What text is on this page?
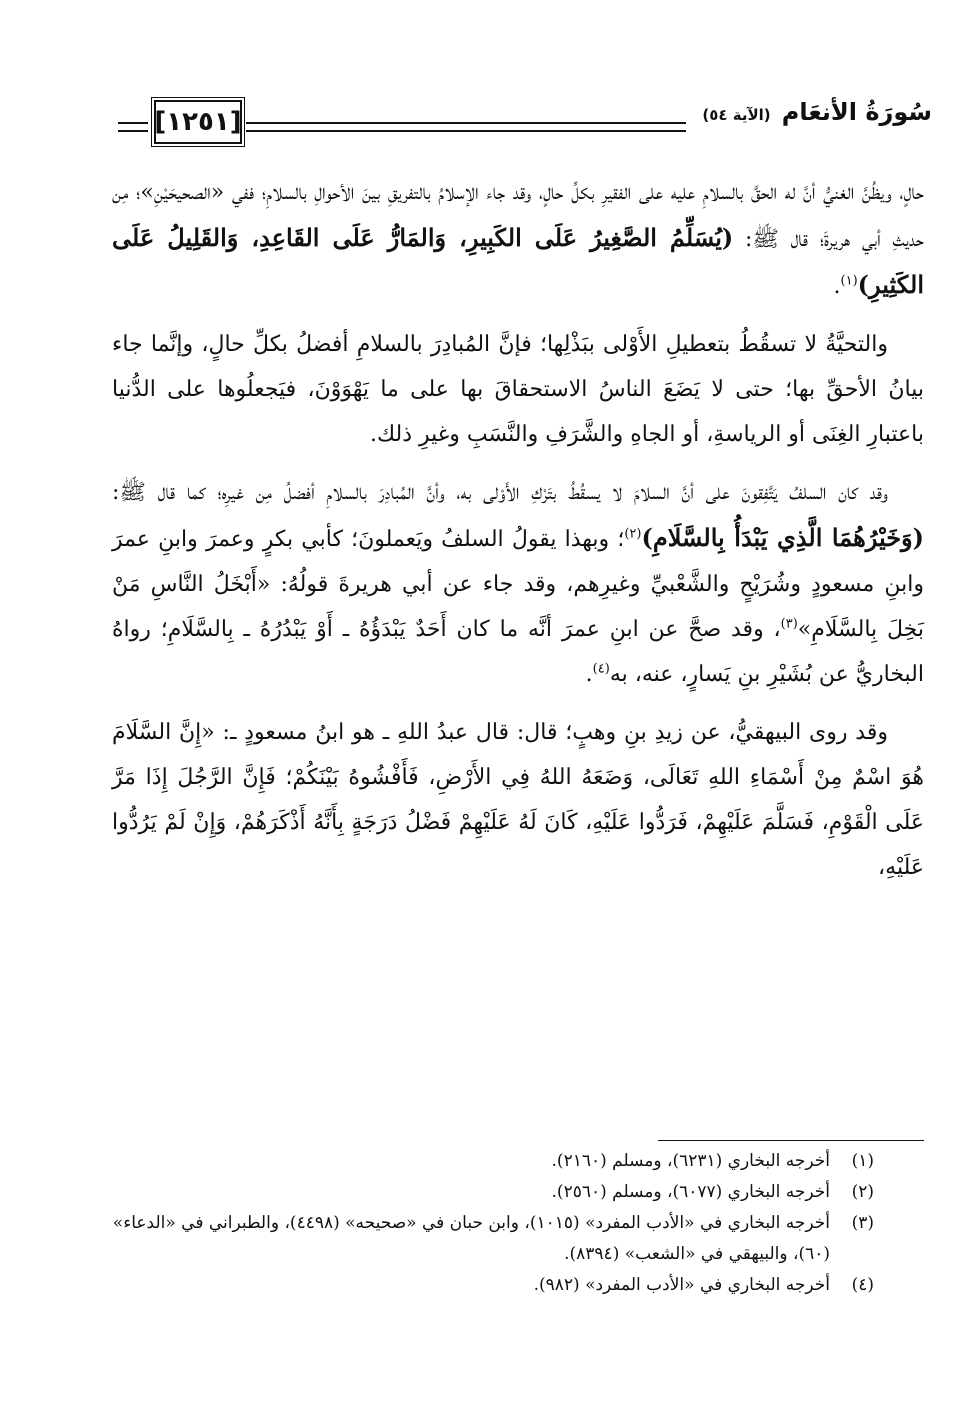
[١٢٥١]	سُورَةُ الأنعَام (الآية ٥٤)

حالٍ، ويظُنَّ الغنيُّ أنَّ له الحقَّ بالسلامِ عليه على الفقيرِ بكلِّ حالٍ، وقد جاء الإسلامُ بالتفريقِ بينَ الأحوالِ بالسلامِ؛ ففي «الصحيحَيْنِ»؛ مِن حديثِ أبي هريرةَ؛ قال ﷺ: (يُسَلِّمُ الصَّغِيرُ عَلَى الكَبِيرِ، وَالمَارُّ عَلَى القَاعِدِ، وَالقَلِيلُ عَلَى الكَثِيرِ)$^{(١)}$.

والتحيَّةُ لا تسقُطُ بتعطيلِ الأَوْلى ببَذْلِها؛ فإنَّ المُبادِرَ بالسلامِ أفضلُ بكلِّ حالٍ، وإنَّما جاء بيانُ الأحقِّ بها؛ حتى لا يَضَعَ الناسُ الاستحقاقَ بها على ما يَهْوَوْنَ، فيَجعلُوها على الدُّنيا باعتبارِ الغِنَى أو الرياسةِ، أو الجاهِ والشَّرَفِ والنَّسَبِ وغيرِ ذلك.

وقد كان السلفُ يَتَّفِقونَ على أنَّ السلامَ لا يسقُطُ بتَرْكِ الأَوْلى به، وأنَّ المُبادِرَ بالسلامِ أفضلُ مِن غيرِه؛ كما قال ﷺ: (وَخَيْرُهُمَا الَّذِي يَبْدَأُ بِالسَّلَامِ)$^{(٢)}$؛ وبهذا يقولُ السلفُ ويَعملونَ؛ كأبي بكرٍ وعمرَ وابنِ عمرَ وابنِ مسعودٍ وشُرَيْحٍ والشَّعْبيِّ وغيرِهم، وقد جاء عن أبي هريرةَ قولُهُ: «أَبْخَلُ النَّاسِ مَنْ بَخِلَ بِالسَّلَامِ»$^{(٣)}$، وقد صحَّ عن ابنِ عمرَ أنَّه ما كان أَحَدٌ يَبْدَؤُهُ ـ أَوْ يَبْدُرُهُ ـ بِالسَّلَامِ؛ رواهُ البخاريُّ عن بُشَيْرِ بنِ يَسارٍ، عنه، به$^{(٤)}$.

وقد روى البيهقيُّ، عن زيدِ بنِ وهبٍ؛ قال: قال عبدُ اللهِ ـ هو ابنُ مسعودٍ ـ: «إِنَّ السَّلَامَ هُوَ اسْمٌ مِنْ أَسْمَاءِ اللهِ تَعَالَى، وَضَعَهُ اللهُ فِي الأَرْضِ، فَأَفْشُوهُ بَيْنَكُمْ؛ فَإِنَّ الرَّجُلَ إِذَا مَرَّ عَلَى الْقَوْمِ، فَسَلَّمَ عَلَيْهِمْ، فَرَدُّوا عَلَيْهِ، كَانَ لَهُ عَلَيْهِمْ فَضْلُ دَرَجَةٍ بِأَنَّهُ أَذْكَرَهُمْ، وَإِنْ لَمْ يَرُدُّوا عَلَيْهِ،

(١)
أخرجه البخاري (٦٢٣١)، ومسلم (٢١٦٠).

(٢)
أخرجه البخاري (٦٠٧٧)، ومسلم (٢٥٦٠).

(٣)
أخرجه البخاري في «الأدب المفرد» (١٠١٥)، وابن حبان في «صحيحه» (٤٤٩٨)، والطبراني في «الدعاء» (٦٠)، والبيهقي في «الشعب» (٨٣٩٤).

(٤)
أخرجه البخاري في «الأدب المفرد» (٩٨٢).
